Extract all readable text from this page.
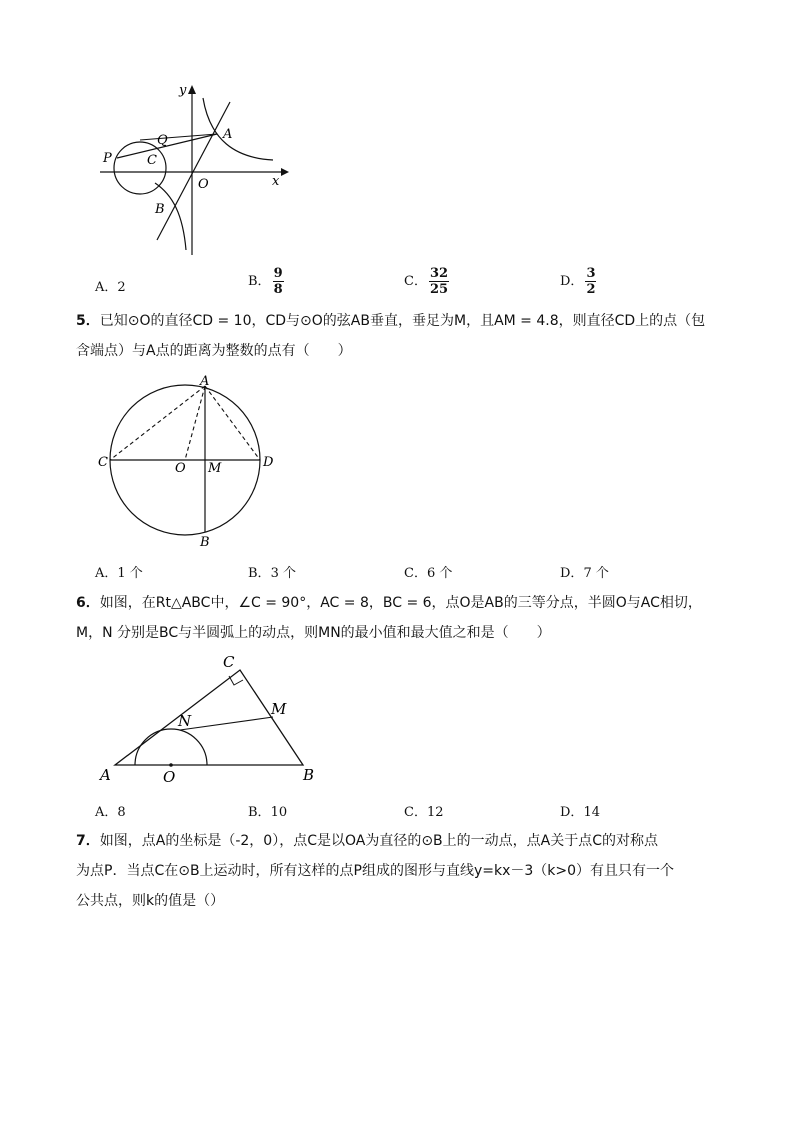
y
x
P
Q
C
A
O
B
A．2	B． $\frac{9}{8}$	C． $\frac{32}{25}$	D． $\frac{3}{2}$
5．已知⊙O的直径CD = 10，CD与⊙O的弦AB垂直，垂足为M，且AM = 4.8，则直径CD上的点（包
含端点）与A点的距离为整数的点有（　　）
A
C	O M	D
B
A．1 个	B．3 个	C．6 个	D．7 个
6．如图，在Rt△ABC中，∠C = 90°，AC = 8，BC = 6，点O是AB的三等分点，半圆O与AC相切，
M，N 分别是BC与半圆弧上的动点，则MN的最小值和最大值之和是（　　）
C
N
M
A	O	B
A．8	B．10	C．12	D．14
7．如图，点A的坐标是（-2，0），点C是以OA为直径的⊙B上的一动点，点A关于点C的对称点
为点P．当点C在⊙B上运动时，所有这样的点P组成的图形与直线y=kx－3（k>0）有且只有一个
公共点，则k的值是（）
